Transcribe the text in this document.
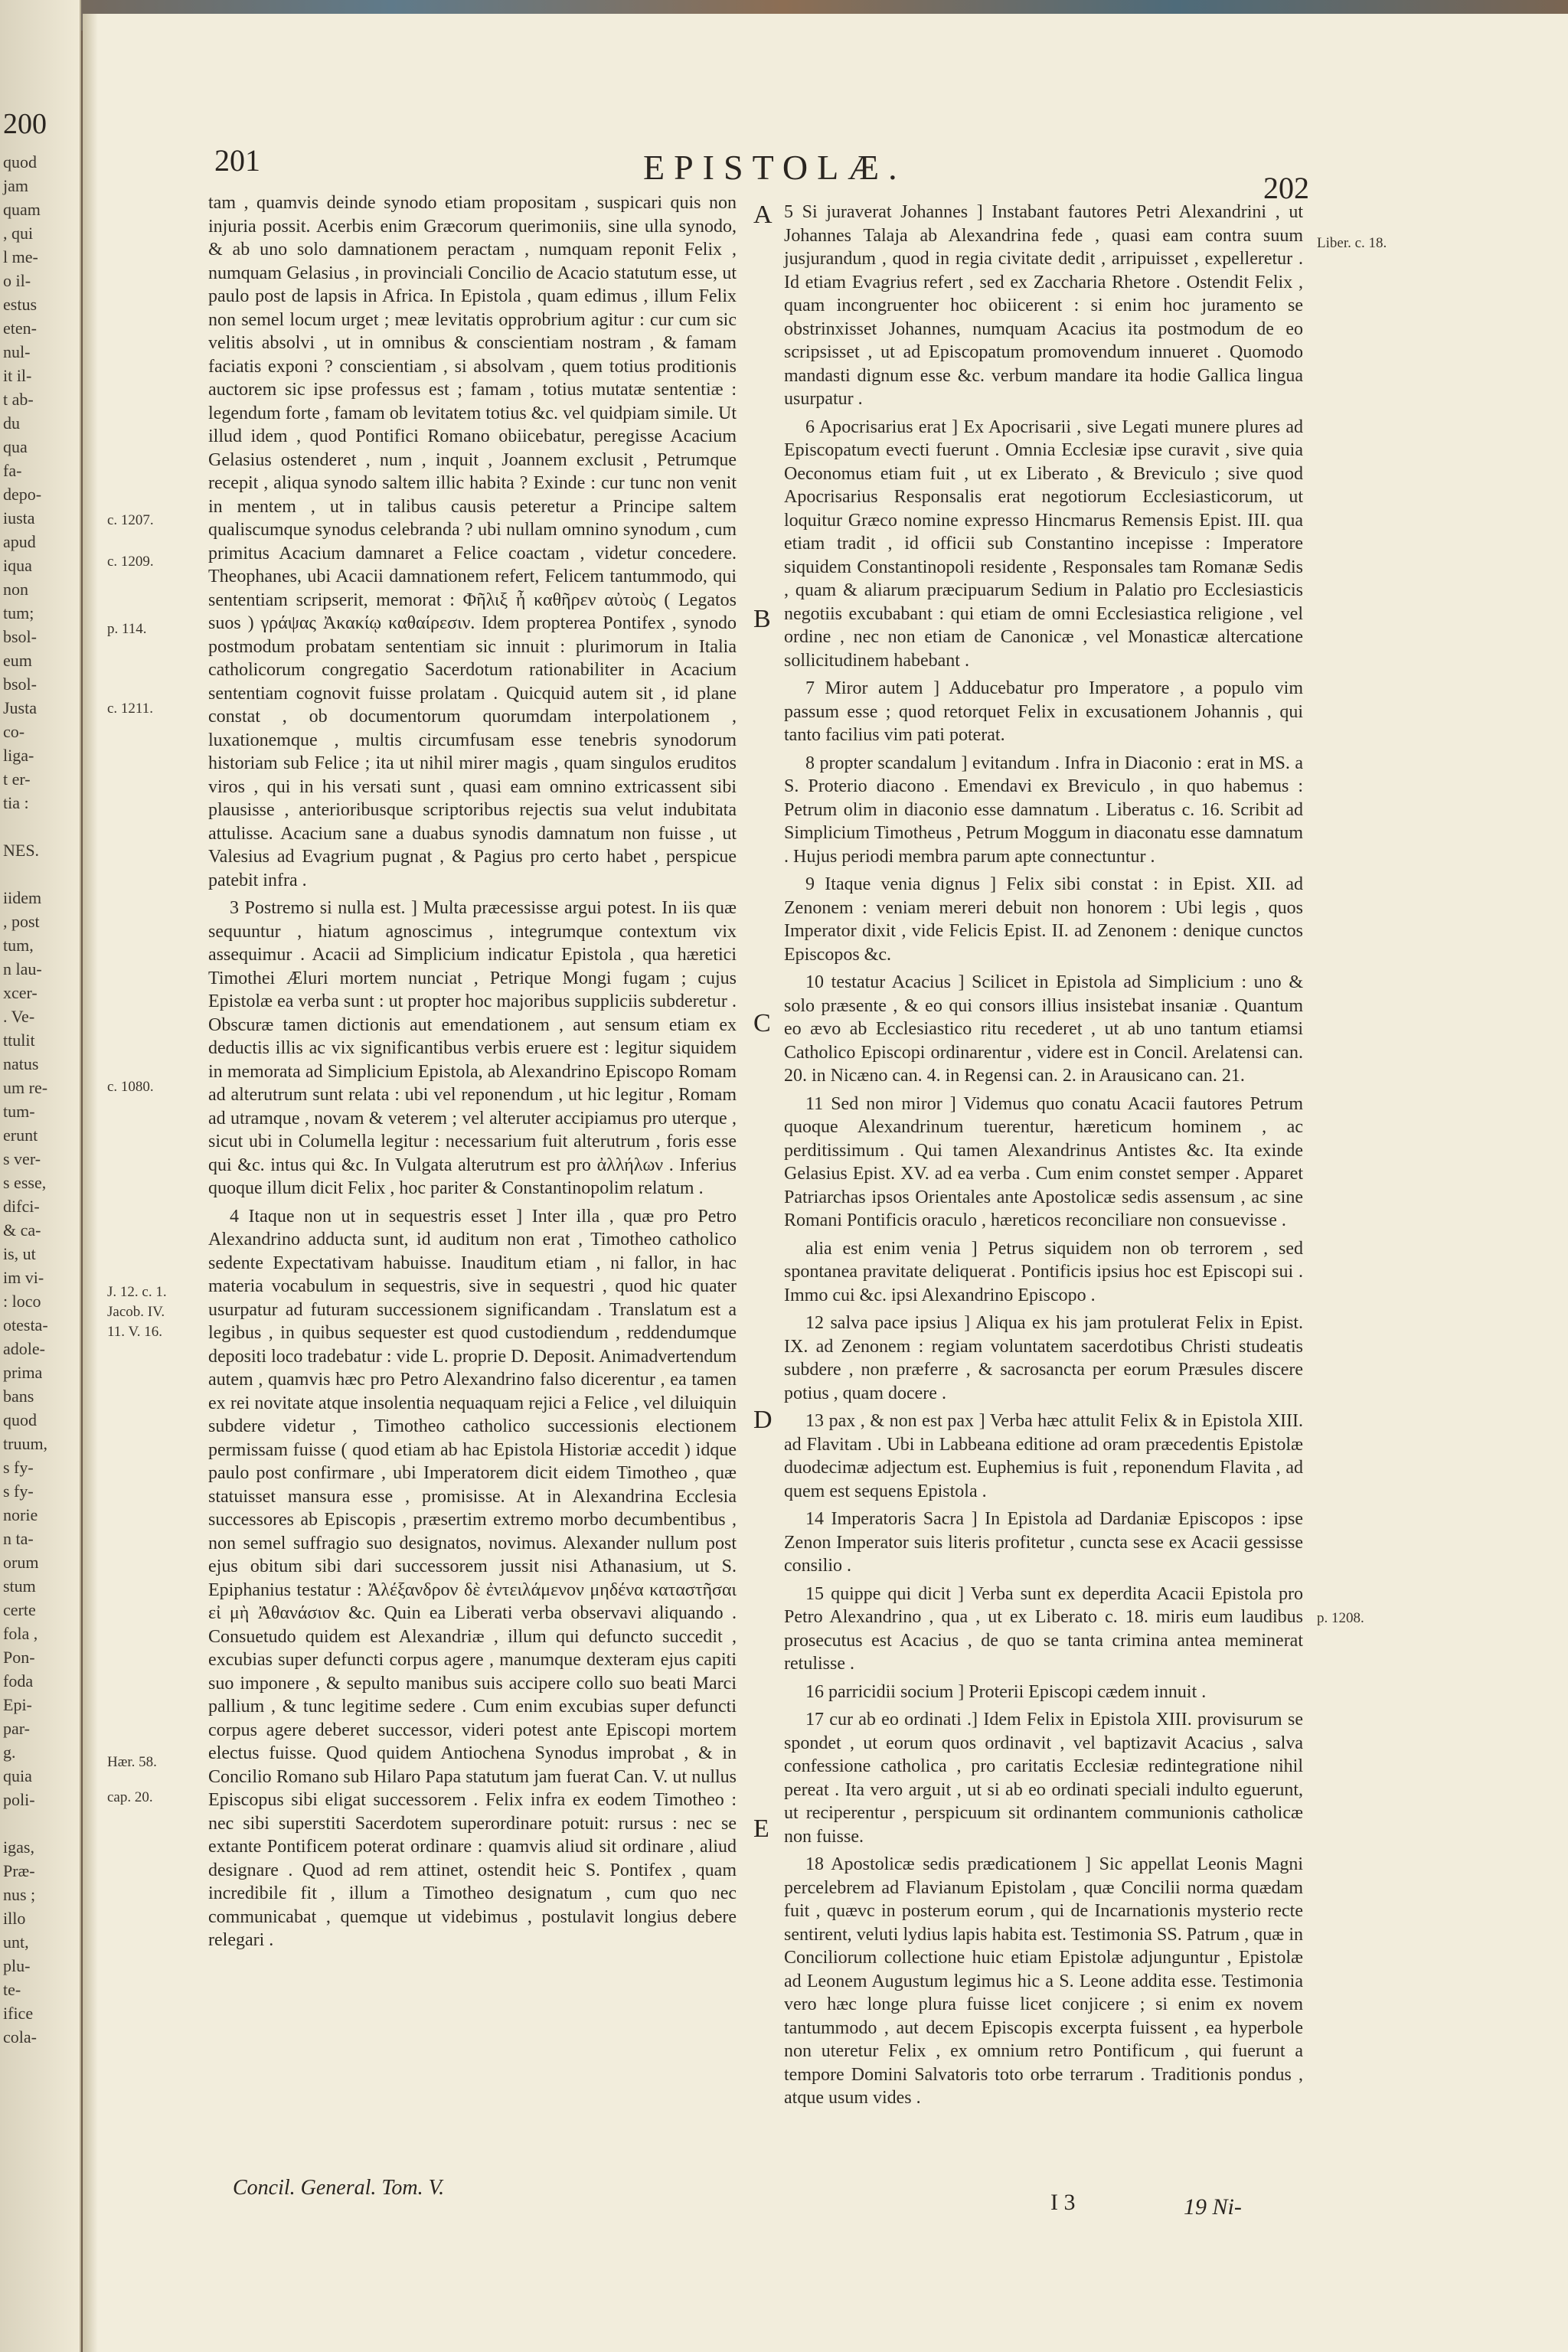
200
quod
jam
quam
, qui
l me-
o il-
estus
eten-
nul-
it il-
t ab-
du
qua
fa-
depo-
iusta
apud
iqua
non
tum;
bsol-
eum
bsol-
Justa
co-
liga-
t er-
tia :

NES.

iidem
, post
tum,
n lau-
xcer-
. Ve-
ttulit
natus
um re-
tum-
erunt
s ver-
s esse,
difci-
& ca-
is, ut
im vi-
: loco
otesta-
adole-
prima
bans
quod
truum,
s fy-
s fy-
norie
n ta-
orum
stum
certe
fola ,
Pon-
foda
Epi-
par-
g.
quia
poli-

igas,
Præ-
nus ;
illo
unt,
plu-
te-
ifice
cola-
201	EPISTOLÆ.
202
c. 1207.
c. 1209.
p. 114.
c. 1211.
c. 1080.
J. 12. c. 1.
Jacob. IV.
11. V. 16.
Hær. 58.
cap. 20.
Liber. c. 18.
p. 1208.
A
B
C
D
E

tam , quamvis deinde synodo etiam propositam , suspicari quis non injuria possit. Acerbis enim Græcorum querimoniis, sine ulla synodo, & ab uno solo damnationem peractam , numquam reponit Felix , numquam Gelasius , in provinciali Concilio de Acacio statutum esse, ut paulo post de lapsis in Africa. In Epistola , quam edimus , illum Felix non semel locum urget ; meæ levitatis opprobrium agitur : cur cum sic velitis absolvi , ut in omnibus & conscientiam nostram , & famam faciatis exponi ? conscientiam , si absolvam , quem totius proditionis auctorem sic ipse professus est ; famam , totius mutatæ sententiæ : legendum forte , famam ob levitatem totius &c. vel quidpiam simile. Ut illud idem , quod Pontifici Romano obiicebatur, peregisse Acacium Gelasius ostenderet , num , inquit , Joannem exclusit , Petrumque recepit , aliqua synodo saltem illic habita ? Exinde : cur tunc non venit in mentem , ut in talibus causis peteretur a Principe saltem qualiscumque synodus celebranda ? ubi nullam omnino synodum , cum primitus Acacium damnaret a Felice coactam , videtur concedere. Theophanes, ubi Acacii damnationem refert, Felicem tantummodo, qui sententiam scripserit, memorat : Φῆλιξ ἦ καθῆρεν αὐτοὺς ( Legatos suos ) γράψας Ἀκακίῳ καθαίρεσιν. Idem propterea Pontifex , synodo postmodum probatam sententiam sic innuit : plurimorum in Italia catholicorum congregatio Sacerdotum rationabiliter in Acacium sententiam cognovit fuisse prolatam . Quicquid autem sit , id plane constat , ob documentorum quorumdam interpolationem , luxationemque , multis circumfusam esse tenebris synodorum historiam sub Felice ; ita ut nihil mirer magis , quam singulos eruditos viros , qui in his versati sunt , quasi eam omnino extricassent sibi plausisse , anterioribusque scriptoribus rejectis sua velut indubitata attulisse. Acacium sane a duabus synodis damnatum non fuisse , ut Valesius ad Evagrium pugnat , & Pagius pro certo habet , perspicue patebit infra .

3 Postremo si nulla est. ] Multa præcessisse argui potest. In iis quæ sequuntur , hiatum agnoscimus , integrumque contextum vix assequimur . Acacii ad Simplicium indicatur Epistola , qua hæretici Timothei Æluri mortem nunciat , Petrique Mongi fugam ; cujus Epistolæ ea verba sunt : ut propter hoc majoribus suppliciis subderetur . Obscuræ tamen dictionis aut emendationem , aut sensum etiam ex deductis illis ac vix significantibus verbis eruere est : legitur siquidem in memorata ad Simplicium Epistola, ab Alexandrino Episcopo Romam ad alterutrum sunt relata : ubi vel reponendum , ut hic legitur , Romam ad utramque , novam & veterem ; vel alteruter accipiamus pro uterque , sicut ubi in Columella legitur : necessarium fuit alterutrum , foris esse qui &c. intus qui &c. In Vulgata alterutrum est pro ἀλλήλων . Inferius quoque illum dicit Felix , hoc pariter & Constantinopolim relatum .

4 Itaque non ut in sequestris esset ] Inter illa , quæ pro Petro Alexandrino adducta sunt, id auditum non erat , Timotheo catholico sedente Expectativam habuisse. Inauditum etiam , ni fallor, in hac materia vocabulum in sequestris, sive in sequestri , quod hic quater usurpatur ad futuram successionem significandam . Translatum est a legibus , in quibus sequester est quod custodiendum , reddendumque depositi loco tradebatur : vide L. proprie D. Deposit. Animadvertendum autem , quamvis hæc pro Petro Alexandrino falso dicerentur , ea tamen ex rei novitate atque insolentia nequaquam rejici a Felice , vel diluiquin subdere videtur , Timotheo catholico successionis electionem permissam fuisse ( quod etiam ab hac Epistola Historiæ accedit ) idque paulo post confirmare , ubi Imperatorem dicit eidem Timotheo , quæ statuisset mansura esse , promisisse. At in Alexandrina Ecclesia successores ab Episcopis , præsertim extremo morbo decumbentibus , non semel suffragio suo designatos, novimus. Alexander nullum post ejus obitum sibi dari successorem jussit nisi Athanasium, ut S. Epiphanius testatur : Ἀλέξανδρον δὲ ἐντειλάμενον μηδένα καταστῆσαι εἰ μὴ Ἀθανάσιον &c. Quin ea Liberati verba observavi aliquando . Consuetudo quidem est Alexandriæ , illum qui defuncto succedit , excubias super defuncti corpus agere , manumque dexteram ejus capiti suo imponere , & sepulto manibus suis accipere collo suo beati Marci pallium , & tunc legitime sedere . Cum enim excubias super defuncti corpus agere deberet successor, videri potest ante Episcopi mortem electus fuisse. Quod quidem Antiochena Synodus improbat , & in Concilio Romano sub Hilaro Papa statutum jam fuerat Can. V. ut nullus Episcopus sibi eligat successorem . Felix infra ex eodem Timotheo : nec sibi superstiti Sacerdotem superordinare potuit: rursus : nec se extante Pontificem poterat ordinare : quamvis aliud sit ordinare , aliud designare . Quod ad rem attinet, ostendit heic S. Pontifex , quam incredibile fit , illum a Timotheo designatum , cum quo nec communicabat , quemque ut videbimus , postulavit longius debere relegari .

5 Si juraverat Johannes ] Instabant fautores Petri Alexandrini , ut Johannes Talaja ab Alexandrina fede , quasi eam contra suum jusjurandum , quod in regia civitate dedit , arripuisset , expelleretur . Id etiam Evagrius refert , sed ex Zaccharia Rhetore . Ostendit Felix , quam incongruenter hoc obiicerent : si enim hoc juramento se obstrinxisset Johannes, numquam Acacius ita postmodum de eo scripsisset , ut ad Episcopatum promovendum innueret . Quomodo mandasti dignum esse &c. verbum mandare ita hodie Gallica lingua usurpatur .

6 Apocrisarius erat ] Ex Apocrisarii , sive Legati munere plures ad Episcopatum evecti fuerunt . Omnia Ecclesiæ ipse curavit , sive quia Oeconomus etiam fuit , ut ex Liberato , & Breviculo ; sive quod Apocrisarius Responsalis erat negotiorum Ecclesiasticorum, ut loquitur Græco nomine expresso Hincmarus Remensis Epist. III. qua etiam tradit , id officii sub Constantino incepisse : Imperatore siquidem Constantinopoli residente , Responsales tam Romanæ Sedis , quam & aliarum præcipuarum Sedium in Palatio pro Ecclesiasticis negotiis excubabant : qui etiam de omni Ecclesiastica religione , vel ordine , nec non etiam de Canonicæ , vel Monasticæ altercatione sollicitudinem habebant .

7 Miror autem ] Adducebatur pro Imperatore , a populo vim passum esse ; quod retorquet Felix in excusationem Johannis , qui tanto facilius vim pati poterat.

8 propter scandalum ] evitandum . Infra in Diaconio : erat in MS. a S. Proterio diacono . Emendavi ex Breviculo , in quo habemus : Petrum olim in diaconio esse damnatum . Liberatus c. 16. Scribit ad Simplicium Timotheus , Petrum Moggum in diaconatu esse damnatum . Hujus periodi membra parum apte connectuntur .

9 Itaque venia dignus ] Felix sibi constat : in Epist. XII. ad Zenonem : veniam mereri debuit non honorem : Ubi legis , quos Imperator dixit , vide Felicis Epist. II. ad Zenonem : denique cunctos Episcopos &c.

10 testatur Acacius ] Scilicet in Epistola ad Simplicium : uno & solo præsente , & eo qui consors illius insistebat insaniæ . Quantum eo ævo ab Ecclesiastico ritu recederet , ut ab uno tantum etiamsi Catholico Episcopi ordinarentur , videre est in Concil. Arelatensi can. 20. in Nicæno can. 4. in Regensi can. 2. in Arausicano can. 21.

11 Sed non miror ] Videmus quo conatu Acacii fautores Petrum quoque Alexandrinum tuerentur, hæreticum hominem , ac perditissimum . Qui tamen Alexandrinus Antistes &c. Ita exinde Gelasius Epist. XV. ad ea verba . Cum enim constet semper . Apparet Patriarchas ipsos Orientales ante Apostolicæ sedis assensum , ac sine Romani Pontificis oraculo , hæreticos reconciliare non consuevisse .

alia est enim venia ] Petrus siquidem non ob terrorem , sed spontanea pravitate deliquerat . Pontificis ipsius hoc est Episcopi sui . Immo cui &c. ipsi Alexandrino Episcopo .

12 salva pace ipsius ] Aliqua ex his jam protulerat Felix in Epist. IX. ad Zenonem : regiam voluntatem sacerdotibus Christi studeatis subdere , non præferre , & sacrosancta per eorum Præsules discere potius , quam docere .

13 pax , & non est pax ] Verba hæc attulit Felix & in Epistola XIII. ad Flavitam . Ubi in Labbeana editione ad oram præcedentis Epistolæ duodecimæ adjectum est. Euphemius is fuit , reponendum Flavita , ad quem est sequens Epistola .

14 Imperatoris Sacra ] In Epistola ad Dardaniæ Episcopos : ipse Zenon Imperator suis literis profitetur , cuncta sese ex Acacii gessisse consilio .

15 quippe qui dicit ] Verba sunt ex deperdita Acacii Epistola pro Petro Alexandrino , qua , ut ex Liberato c. 18. miris eum laudibus prosecutus est Acacius , de quo se tanta crimina antea meminerat retulisse .

16 parricidii socium ] Proterii Episcopi cædem innuit .

17 cur ab eo ordinati .] Idem Felix in Epistola XIII. provisurum se spondet , ut eorum quos ordinavit , vel baptizavit Acacius , salva confessione catholica , pro caritatis Ecclesiæ redintegratione nihil pereat . Ita vero arguit , ut si ab eo ordinati speciali indulto eguerunt, ut reciperentur , perspicuum sit ordinantem communionis catholicæ non fuisse.

18 Apostolicæ sedis prædicationem ] Sic appellat Leonis Magni percelebrem ad Flavianum Epistolam , quæ Concilii norma quædam fuit , quævc in posterum eorum , qui de Incarnationis mysterio recte sentirent, veluti lydius lapis habita est. Testimonia SS. Patrum , quæ in Conciliorum collectione huic etiam Epistolæ adjunguntur , Epistolæ ad Leonem Augustum legimus hic a S. Leone addita esse. Testimonia vero hæc longe plura fuisse licet conjicere ; si enim ex novem tantummodo , aut decem Episcopis excerpta fuissent , ea hyperbole non uteretur Felix , ex omnium retro Pontificum , qui fuerunt a tempore Domini Salvatoris toto orbe terrarum . Traditionis pondus , atque usum vides .

Concil. General. Tom. V.
I 3	19 Ni-
